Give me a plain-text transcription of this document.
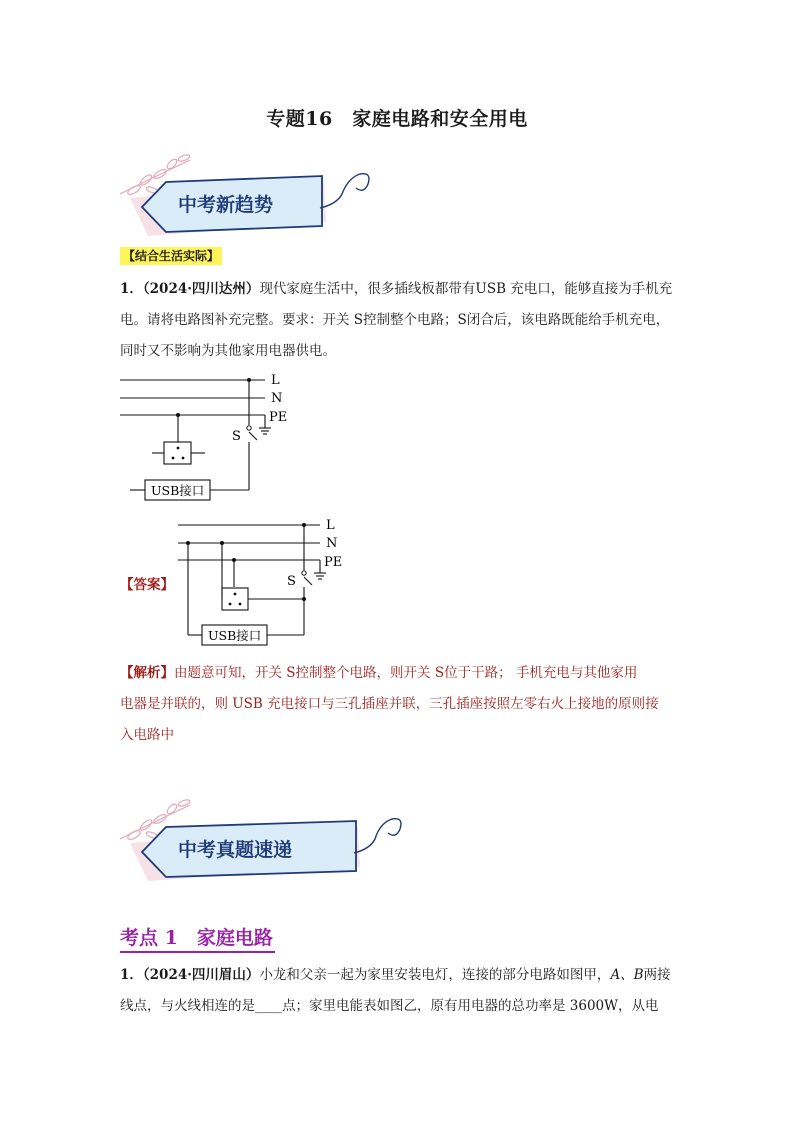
专题16　家庭电路和安全用电
中考新趋势
【结合生活实际】
1．（2024·四川达州）现代家庭生活中，很多插线板都带有USB 充电口，能够直接为手机充
电。请将电路图补充完整。要求：开关 S控制整个电路；S闭合后，该电路既能给手机充电，
同时又不影响为其他家用电器供电。
L
N
PE
S
USB接口
【答案】
L
N
PE
S
USB接口
【解析】由题意可知，开关 S控制整个电路，则开关 S位于干路； 手机充电与其他家用
电器是并联的，则 USB 充电接口与三孔插座并联，三孔插座按照左零右火上接地的原则接
入电路中
中考真题速递
考点 1　家庭电路
1．（2024·四川眉山）小龙和父亲一起为家里安装电灯，连接的部分电路如图甲，A、B两接
线点，与火线相连的是____点；家里电能表如图乙，原有用电器的总功率是 3600W，从电
